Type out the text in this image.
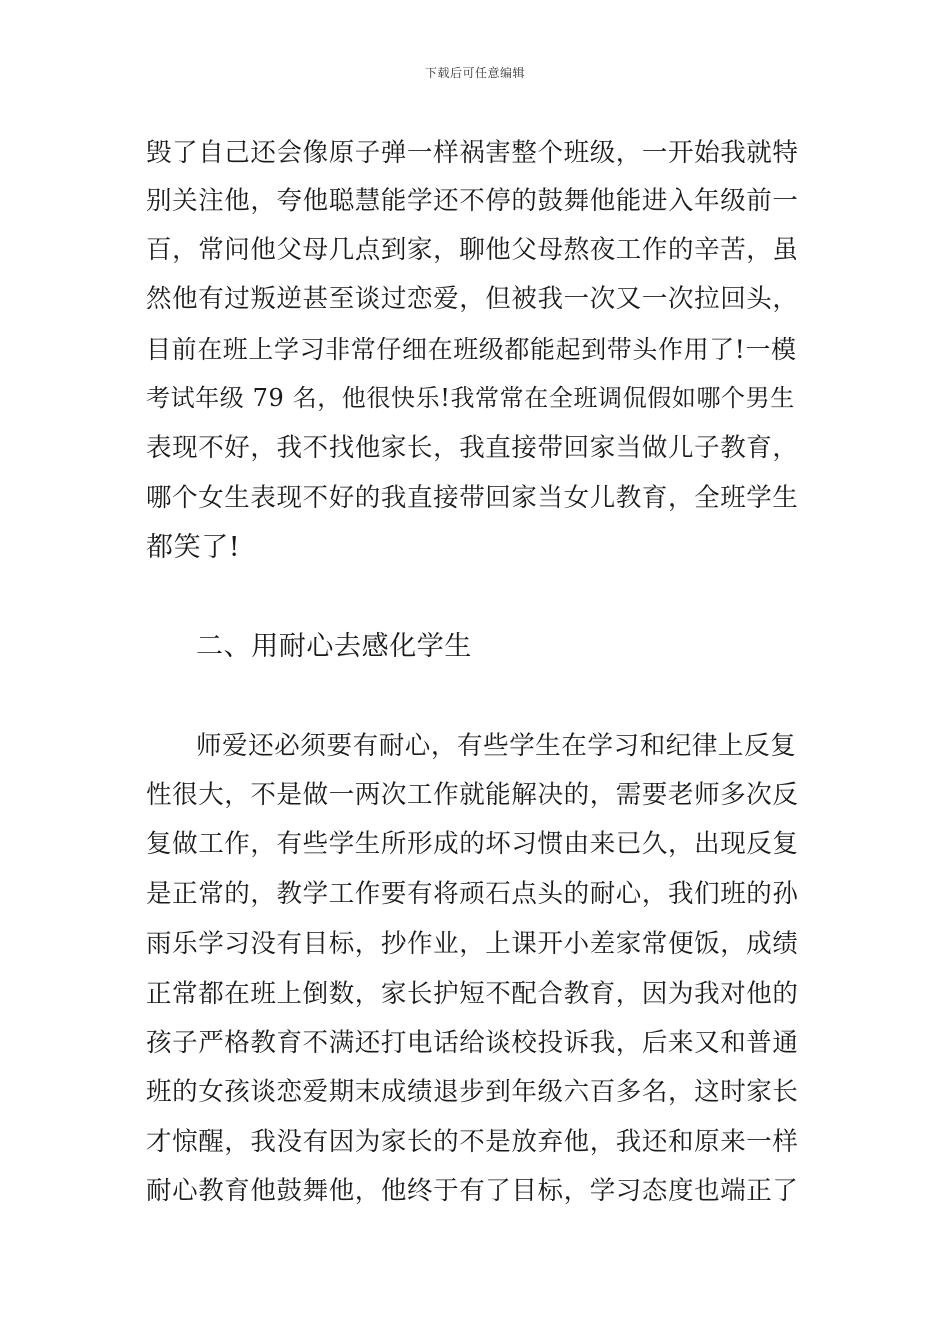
下载后可任意编辑
毁了自己还会像原子弹一样祸害整个班级，一开始我就特
别关注他，夸他聪慧能学还不停的鼓舞他能进入年级前一
百，常问他父母几点到家，聊他父母熬夜工作的辛苦，虽
然他有过叛逆甚至谈过恋爱，但被我一次又一次拉回头，
目前在班上学习非常仔细在班级都能起到带头作用了!一模
考试年级 79 名，他很快乐!我常常在全班调侃假如哪个男生
表现不好，我不找他家长，我直接带回家当做儿子教育，
哪个女生表现不好的我直接带回家当女儿教育，全班学生
都笑了!
二、用耐心去感化学生
师爱还必须要有耐心，有些学生在学习和纪律上反复
性很大，不是做一两次工作就能解决的，需要老师多次反
复做工作，有些学生所形成的坏习惯由来已久，出现反复
是正常的，教学工作要有将顽石点头的耐心，我们班的孙
雨乐学习没有目标，抄作业，上课开小差家常便饭，成绩
正常都在班上倒数，家长护短不配合教育，因为我对他的
孩子严格教育不满还打电话给谈校投诉我，后来又和普通
班的女孩谈恋爱期末成绩退步到年级六百多名，这时家长
才惊醒，我没有因为家长的不是放弃他，我还和原来一样
耐心教育他鼓舞他，他终于有了目标，学习态度也端正了
